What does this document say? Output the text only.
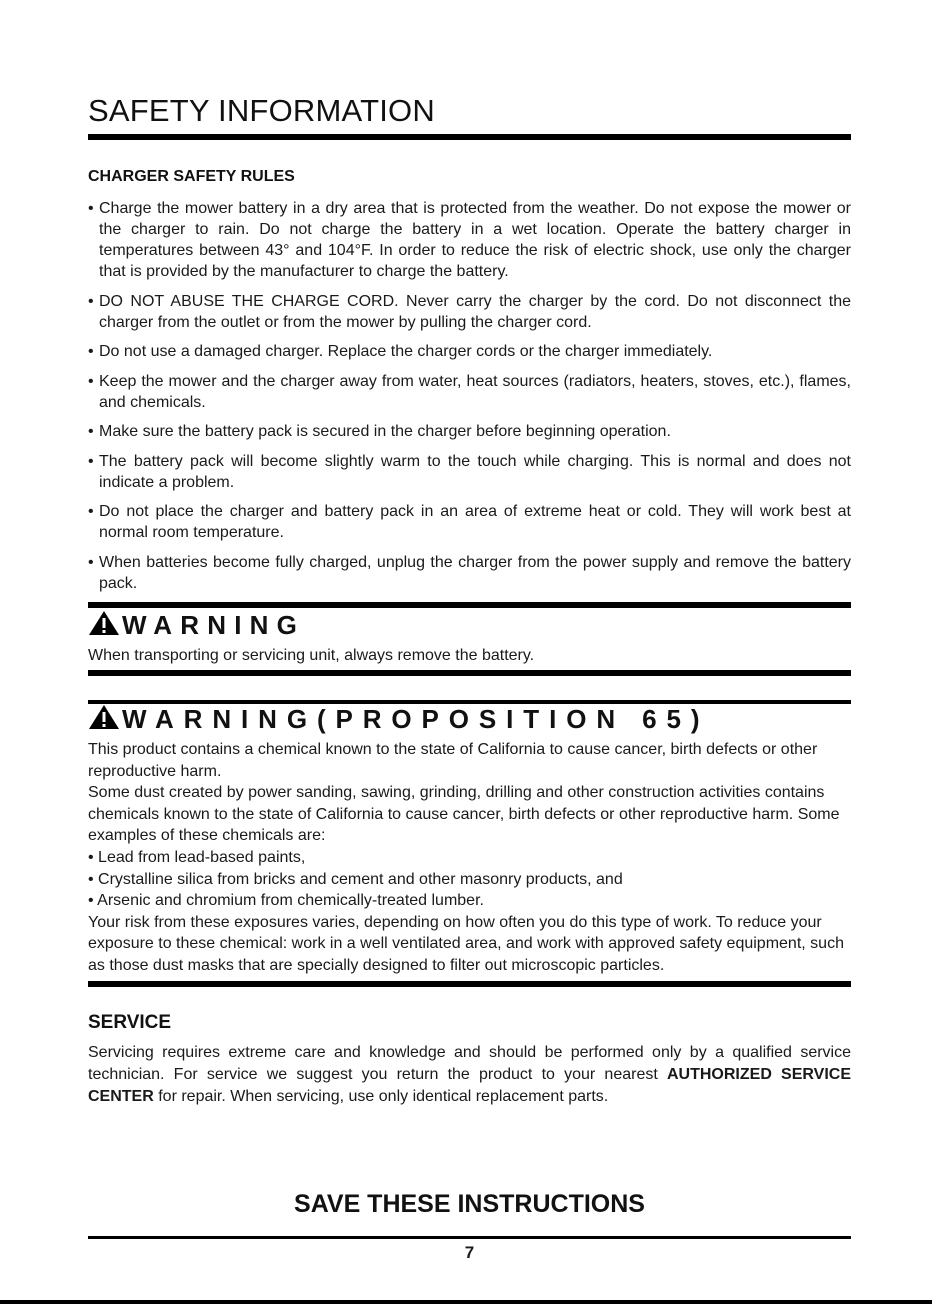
SAFETY INFORMATION
CHARGER SAFETY RULES
• Charge the mower battery in a dry area that is protected from the weather. Do not expose the mower or the charger to rain. Do not charge the battery in a wet location. Operate the battery charger in temperatures between 43° and 104°F. In order to reduce the risk of electric shock, use only the charger that is provided by the manufacturer to charge the battery.
• DO NOT ABUSE THE CHARGE CORD. Never carry the charger by the cord. Do not disconnect the charger from the outlet or from the mower by pulling the charger cord.
• Do not use a damaged charger. Replace the charger cords or the charger immediately.
• Keep the mower and the charger away from water, heat sources (radiators, heaters, stoves, etc.), flames, and chemicals.
• Make sure the battery pack is secured in the charger before beginning operation.
• The battery pack will become slightly warm to the touch while charging. This is normal and does not indicate a problem.
• Do not place the charger and battery pack in an area of extreme heat or cold. They will work best at normal room temperature.
• When batteries become fully charged, unplug the charger from the power supply and remove the battery pack.
WARNING
When transporting or servicing unit, always remove the battery.
WARNING(PROPOSITION 65)

This product contains a chemical known to the state of California to cause cancer, birth defects or other reproductive harm.

Some dust created by power sanding, sawing, grinding, drilling and other construction activities contains chemicals known to the state of California to cause cancer, birth defects or other reproductive harm. Some examples of these chemicals are:

• Lead from lead-based paints,

• Crystalline silica from bricks and cement and other masonry products, and

• Arsenic and chromium from chemically-treated lumber.

Your risk from these exposures varies, depending on how often you do this type of work. To reduce your exposure to these chemical: work in a well ventilated area, and work with approved safety equipment, such as those dust masks that are specially designed to filter out microscopic particles.

SERVICE
Servicing requires extreme care and knowledge and should be performed only by a qualified service technician. For service we suggest you return the product to your nearest AUTHORIZED SERVICE CENTER for repair. When servicing, use only identical replacement parts.
SAVE THESE INSTRUCTIONS
7
